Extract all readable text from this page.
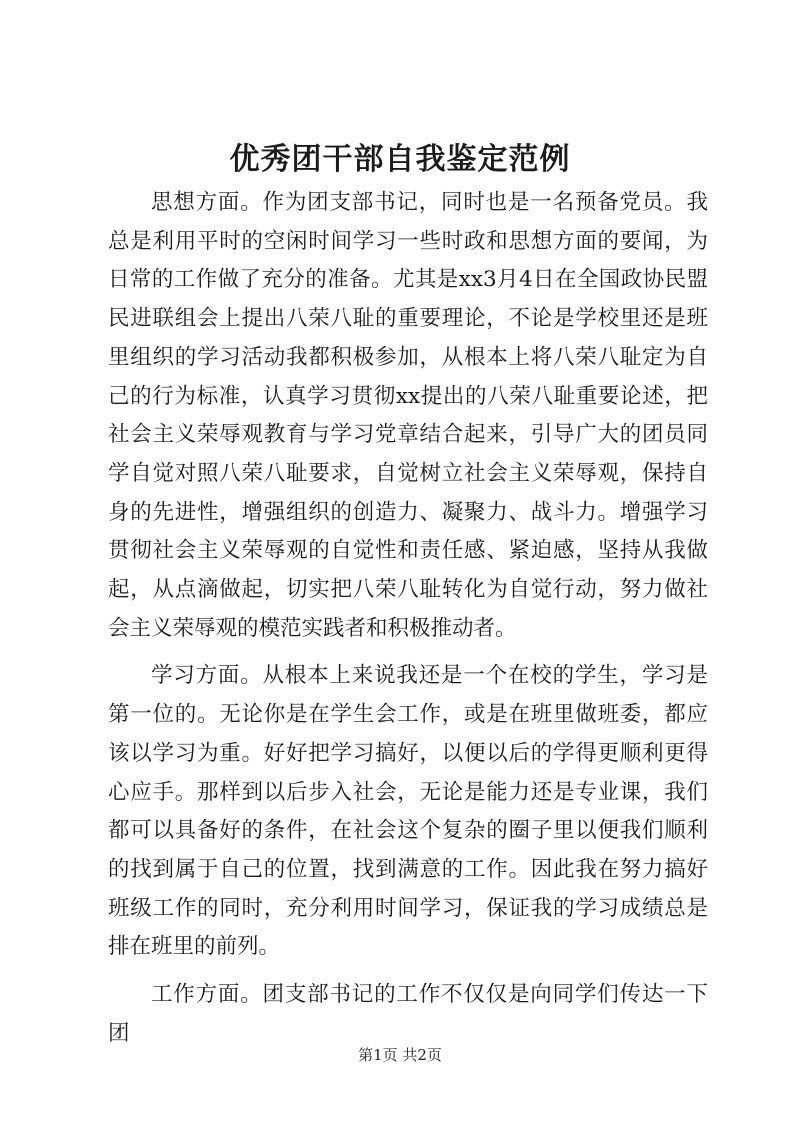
优秀团干部自我鉴定范例

思想方面。作为团支部书记，同时也是一名预备党员。我总是利用平时的空闲时间学习一些时政和思想方面的要闻，为日常的工作做了充分的准备。尤其是xx3月4日在全国政协民盟民进联组会上提出八荣八耻的重要理论，不论是学校里还是班里组织的学习活动我都积极参加，从根本上将八荣八耻定为自己的行为标准，认真学习贯彻xx提出的八荣八耻重要论述，把社会主义荣辱观教育与学习党章结合起来，引导广大的团员同学自觉对照八荣八耻要求，自觉树立社会主义荣辱观，保持自身的先进性，增强组织的创造力、凝聚力、战斗力。增强学习贯彻社会主义荣辱观的自觉性和责任感、紧迫感，坚持从我做起，从点滴做起，切实把八荣八耻转化为自觉行动，努力做社会主义荣辱观的模范实践者和积极推动者。

学习方面。从根本上来说我还是一个在校的学生，学习是第一位的。无论你是在学生会工作，或是在班里做班委，都应该以学习为重。好好把学习搞好，以便以后的学得更顺利更得心应手。那样到以后步入社会，无论是能力还是专业课，我们都可以具备好的条件，在社会这个复杂的圈子里以便我们顺利的找到属于自己的位置，找到满意的工作。因此我在努力搞好班级工作的同时，充分利用时间学习，保证我的学习成绩总是排在班里的前列。

工作方面。团支部书记的工作不仅仅是向同学们传达一下团

第1页 共2页
